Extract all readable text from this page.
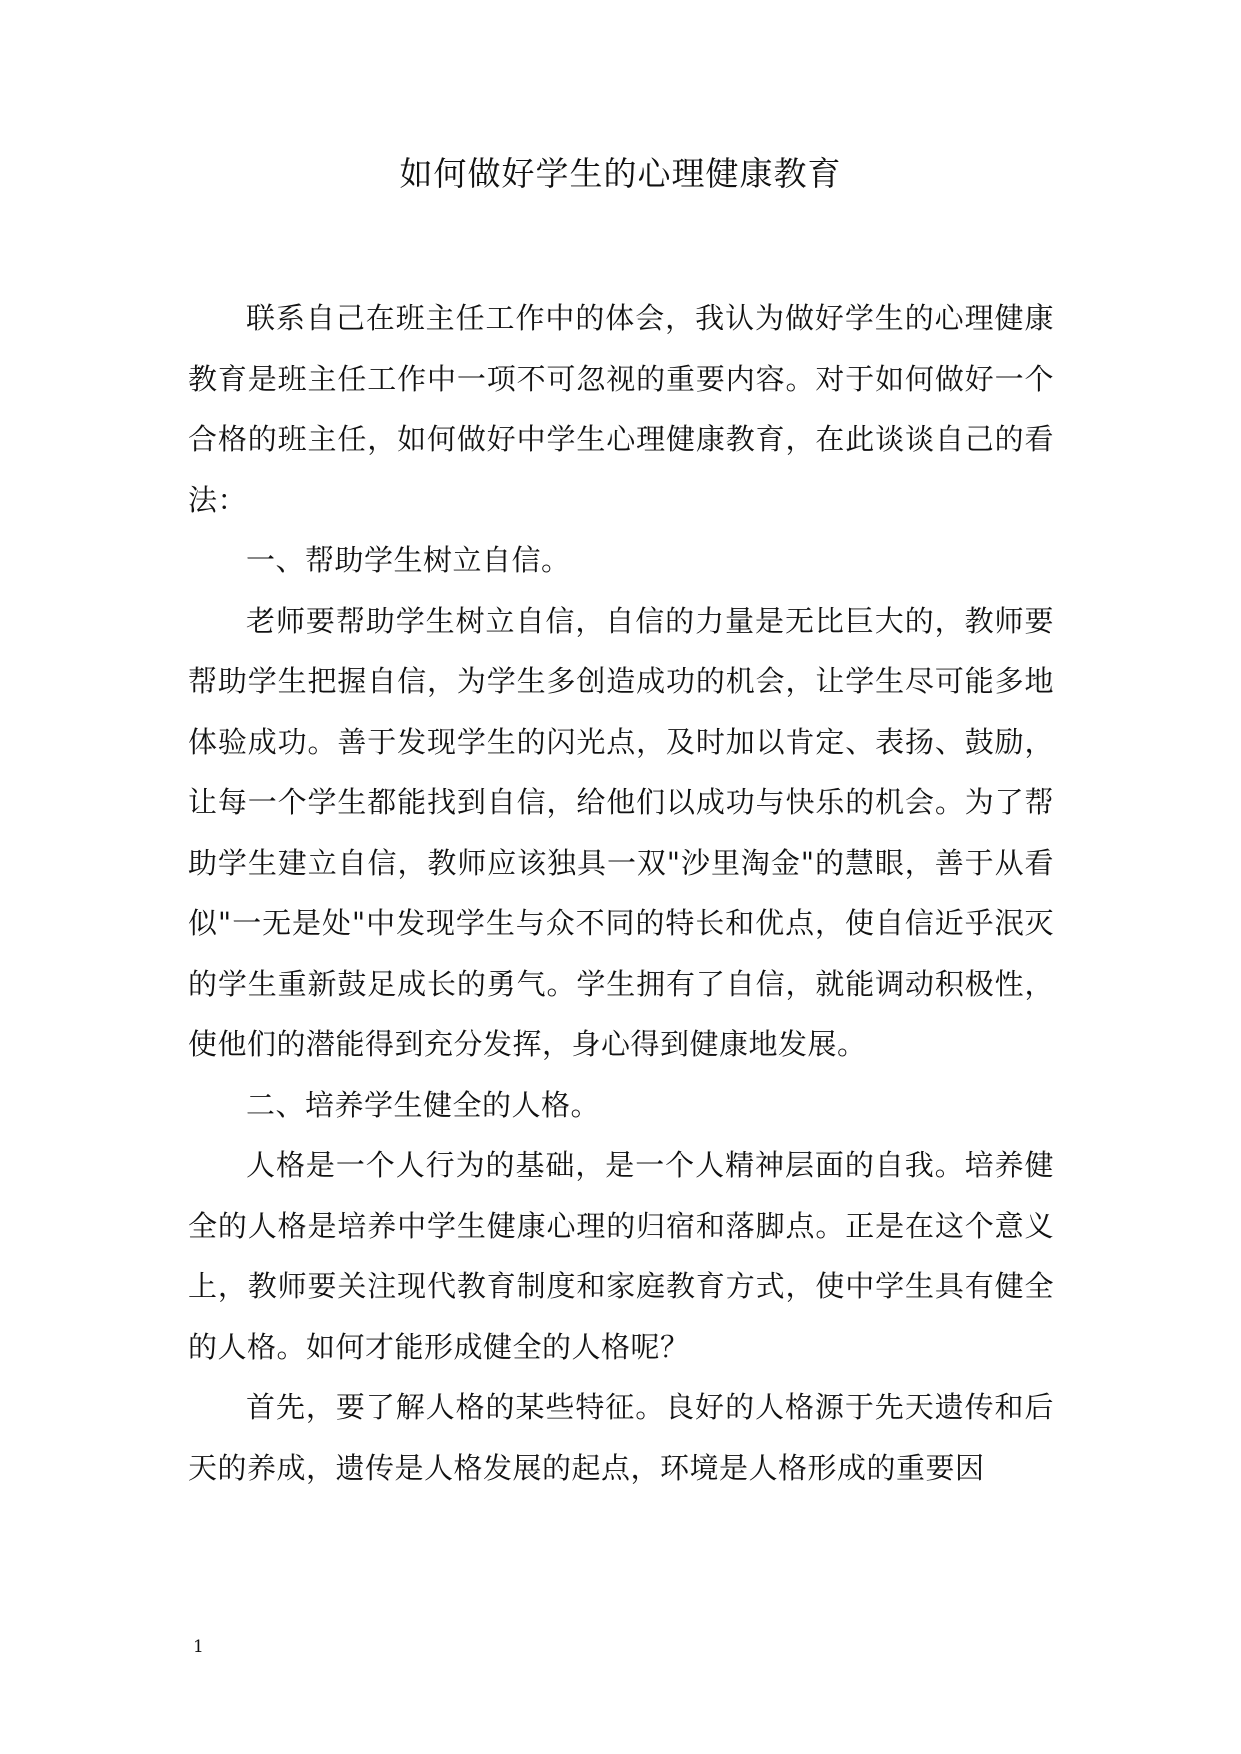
如何做好学生的心理健康教育

联系自己在班主任工作中的体会，我认为做好学生的心理健康教育是班主任工作中一项不可忽视的重要内容。对于如何做好一个合格的班主任，如何做好中学生心理健康教育，在此谈谈自己的看法：

一、帮助学生树立自信。

老师要帮助学生树立自信，自信的力量是无比巨大的，教师要帮助学生把握自信，为学生多创造成功的机会，让学生尽可能多地体验成功。善于发现学生的闪光点，及时加以肯定、表扬、鼓励，让每一个学生都能找到自信，给他们以成功与快乐的机会。为了帮助学生建立自信，教师应该独具一双"沙里淘金"的慧眼，善于从看似"一无是处"中发现学生与众不同的特长和优点，使自信近乎泯灭的学生重新鼓足成长的勇气。学生拥有了自信，就能调动积极性，使他们的潜能得到充分发挥，身心得到健康地发展。

二、培养学生健全的人格。

人格是一个人行为的基础，是一个人精神层面的自我。培养健全的人格是培养中学生健康心理的归宿和落脚点。正是在这个意义上，教师要关注现代教育制度和家庭教育方式，使中学生具有健全的人格。如何才能形成健全的人格呢？

首先，要了解人格的某些特征。良好的人格源于先天遗传和后天的养成，遗传是人格发展的起点，环境是人格形成的重要因

1
